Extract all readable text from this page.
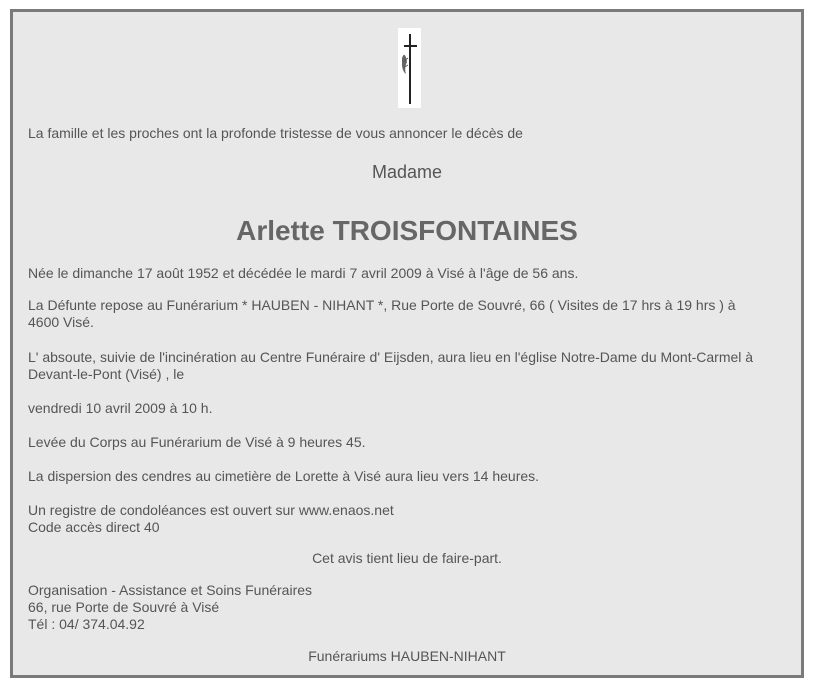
La famille et les proches ont la profonde tristesse de vous annoncer le décès de
Madame
Arlette TROISFONTAINES
Née le dimanche 17 août 1952 et décédée le mardi 7 avril 2009 à Visé à l'âge de 56 ans.
La Défunte repose au Funérarium * HAUBEN - NIHANT *, Rue Porte de Souvré, 66 ( Visites de 17 hrs à 19 hrs ) à
4600 Visé.
L' absoute, suivie de l'incinération au Centre Funéraire d' Eijsden, aura lieu en l'église Notre-Dame du Mont-Carmel à
Devant-le-Pont (Visé) , le
vendredi 10 avril 2009 à 10 h.
Levée du Corps au Funérarium de Visé à 9 heures 45.
La dispersion des cendres au cimetière de Lorette à Visé aura lieu vers 14 heures.
Un registre de condoléances est ouvert sur www.enaos.net
Code accès direct 40
Cet avis tient lieu de faire-part.
Organisation - Assistance et Soins Funéraires
66, rue Porte de Souvré à Visé
Tél : 04/ 374.04.92
Funérariums HAUBEN-NIHANT
